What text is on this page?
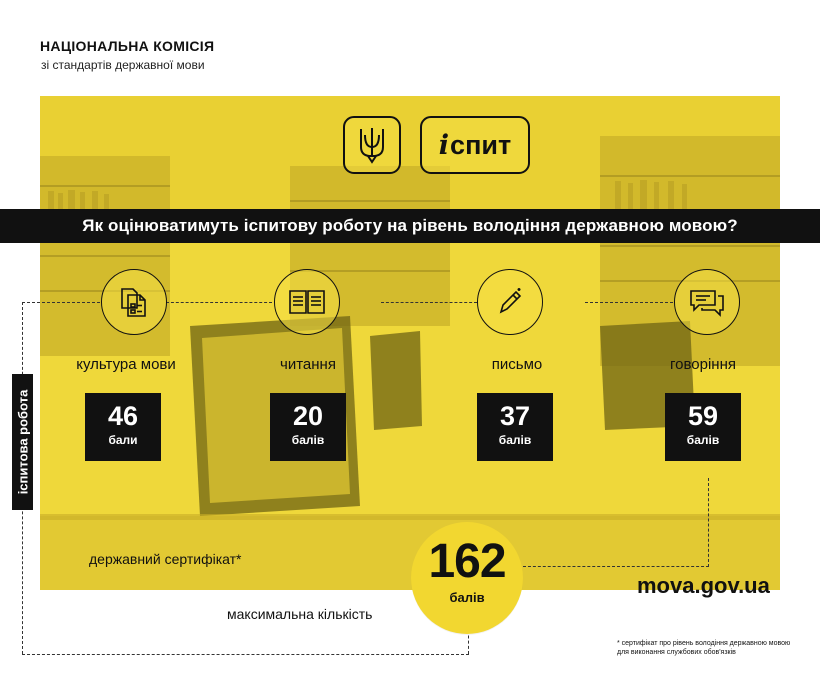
НАЦІОНАЛЬНА КОМІСІЯ
зі стандартів державної мови
і спит
Як оцінюватимуть іспитову роботу на рівень володіння державною мовою?
культура мови	читання	письмо	говоріння
46
бали
20
балів
37
балів
59
балів
іспитова робота
державний сертифікат*	162
балів
максимальна кількість
mova.gov.ua
* сертифікат про рівень володіння державною мовою
для виконання службових обов'язків
